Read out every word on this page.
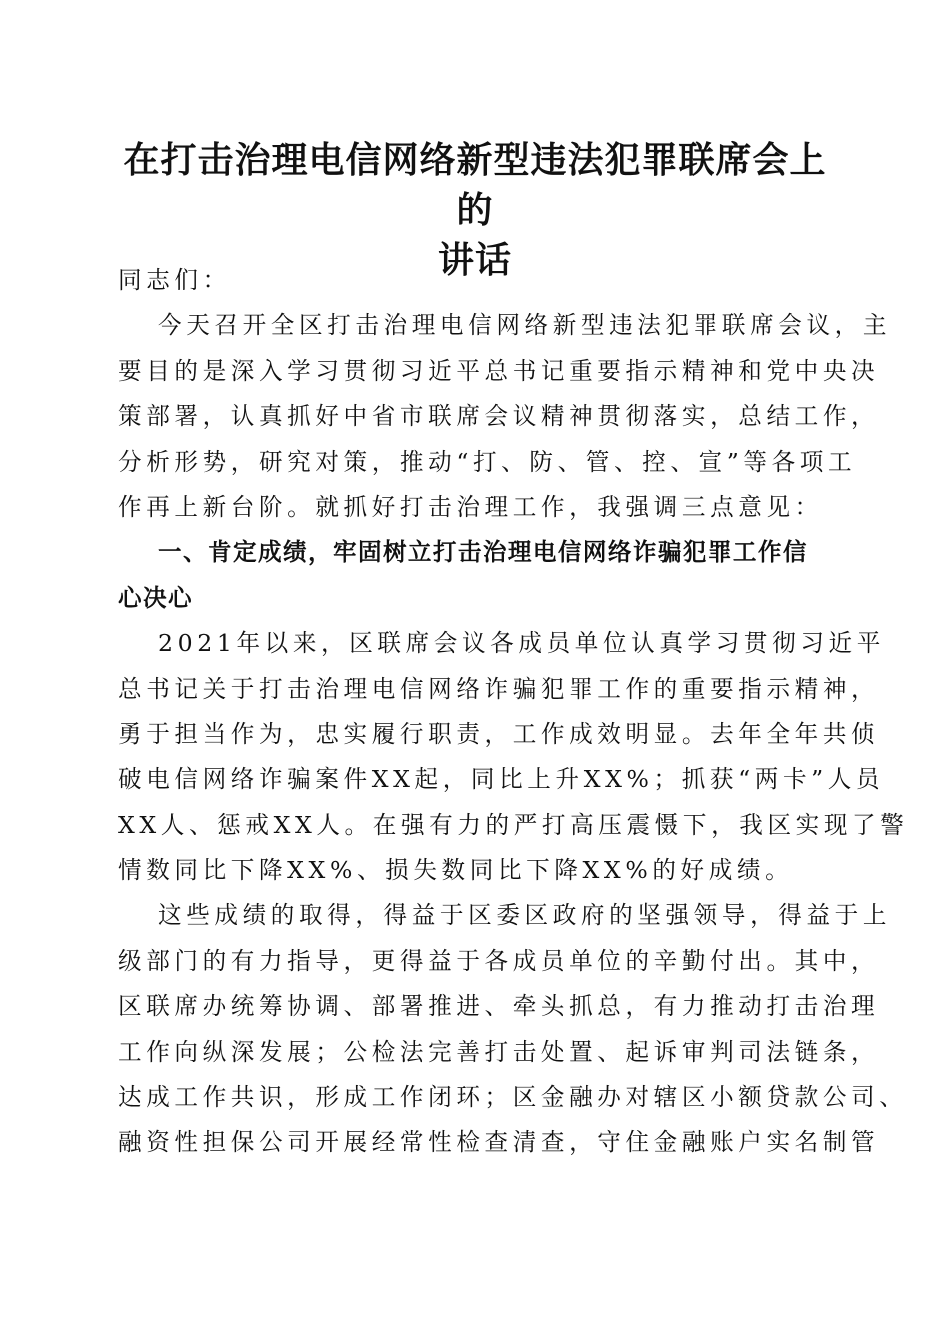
在打击治理电信网络新型违法犯罪联席会上的
讲话
同志们：
今天召开全区打击治理电信网络新型违法犯罪联席会议，主
要目的是深入学习贯彻习近平总书记重要指示精神和党中央决
策部署，认真抓好中省市联席会议精神贯彻落实，总结工作，
分析形势，研究对策，推动“打、防、管、控、宣”等各项工
作再上新台阶。就抓好打击治理工作，我强调三点意见：
一、肯定成绩，牢固树立打击治理电信网络诈骗犯罪工作信
心决心
2021年以来，区联席会议各成员单位认真学习贯彻习近平
总书记关于打击治理电信网络诈骗犯罪工作的重要指示精神，
勇于担当作为，忠实履行职责，工作成效明显。去年全年共侦
破电信网络诈骗案件XX起，同比上升XX%；抓获“两卡”人员
XX人、惩戒XX人。在强有力的严打高压震慑下，我区实现了警
情数同比下降XX%、损失数同比下降XX%的好成绩。
这些成绩的取得，得益于区委区政府的坚强领导，得益于上
级部门的有力指导，更得益于各成员单位的辛勤付出。其中，
区联席办统筹协调、部署推进、牵头抓总，有力推动打击治理
工作向纵深发展；公检法完善打击处置、起诉审判司法链条，
达成工作共识，形成工作闭环；区金融办对辖区小额贷款公司、
融资性担保公司开展经常性检查清查，守住金融账户实名制管
